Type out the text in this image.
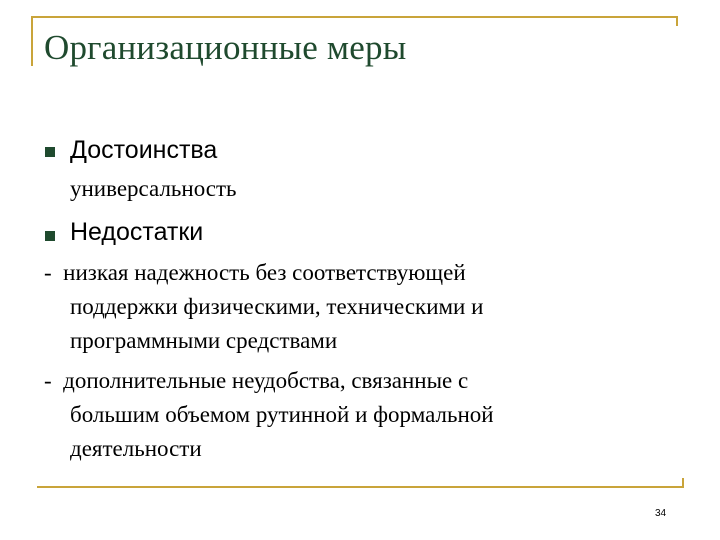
Организационные меры
Достоинства
универсальность
Недостатки
- низкая надежность без соответствующей
поддержки физическими, техническими и
программными средствами
- дополнительные неудобства, связанные с
большим объемом рутинной и формальной
деятельности
34
